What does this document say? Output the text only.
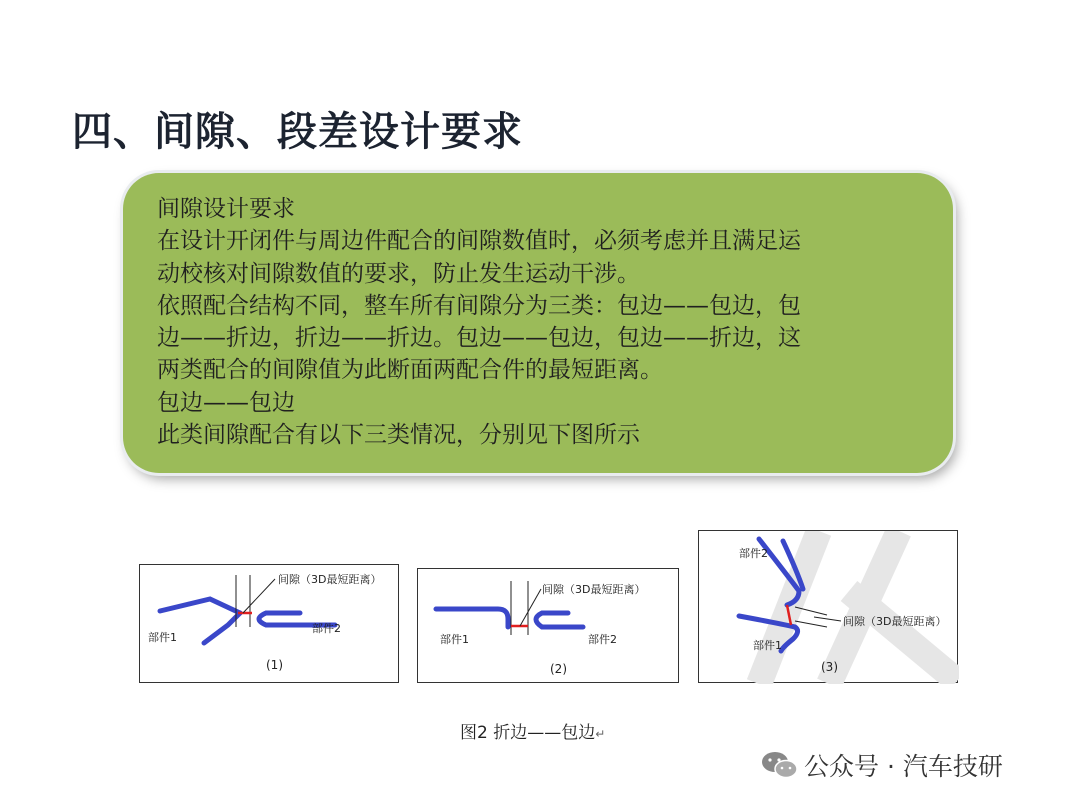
四、间隙、段差设计要求

间隙设计要求

在设计开闭件与周边件配合的间隙数值时，必须考虑并且满足运

动校核对间隙数值的要求，防止发生运动干涉。

依照配合结构不同，整车所有间隙分为三类：包边——包边，包

边——折边，折边——折边。包边——包边，包边——折边，这

两类配合的间隙值为此断面两配合件的最短距离。

包边——包边

此类间隙配合有以下三类情况，分别见下图所示

间隙（3D最短距离）
部件1
部件2
(1)
间隙（3D最短距离）
部件1	部件2
(2)
间隙（3D最短距离）
部件2
部件1
(3)
图2 折边——包边↵
公众号 · 汽车技研
